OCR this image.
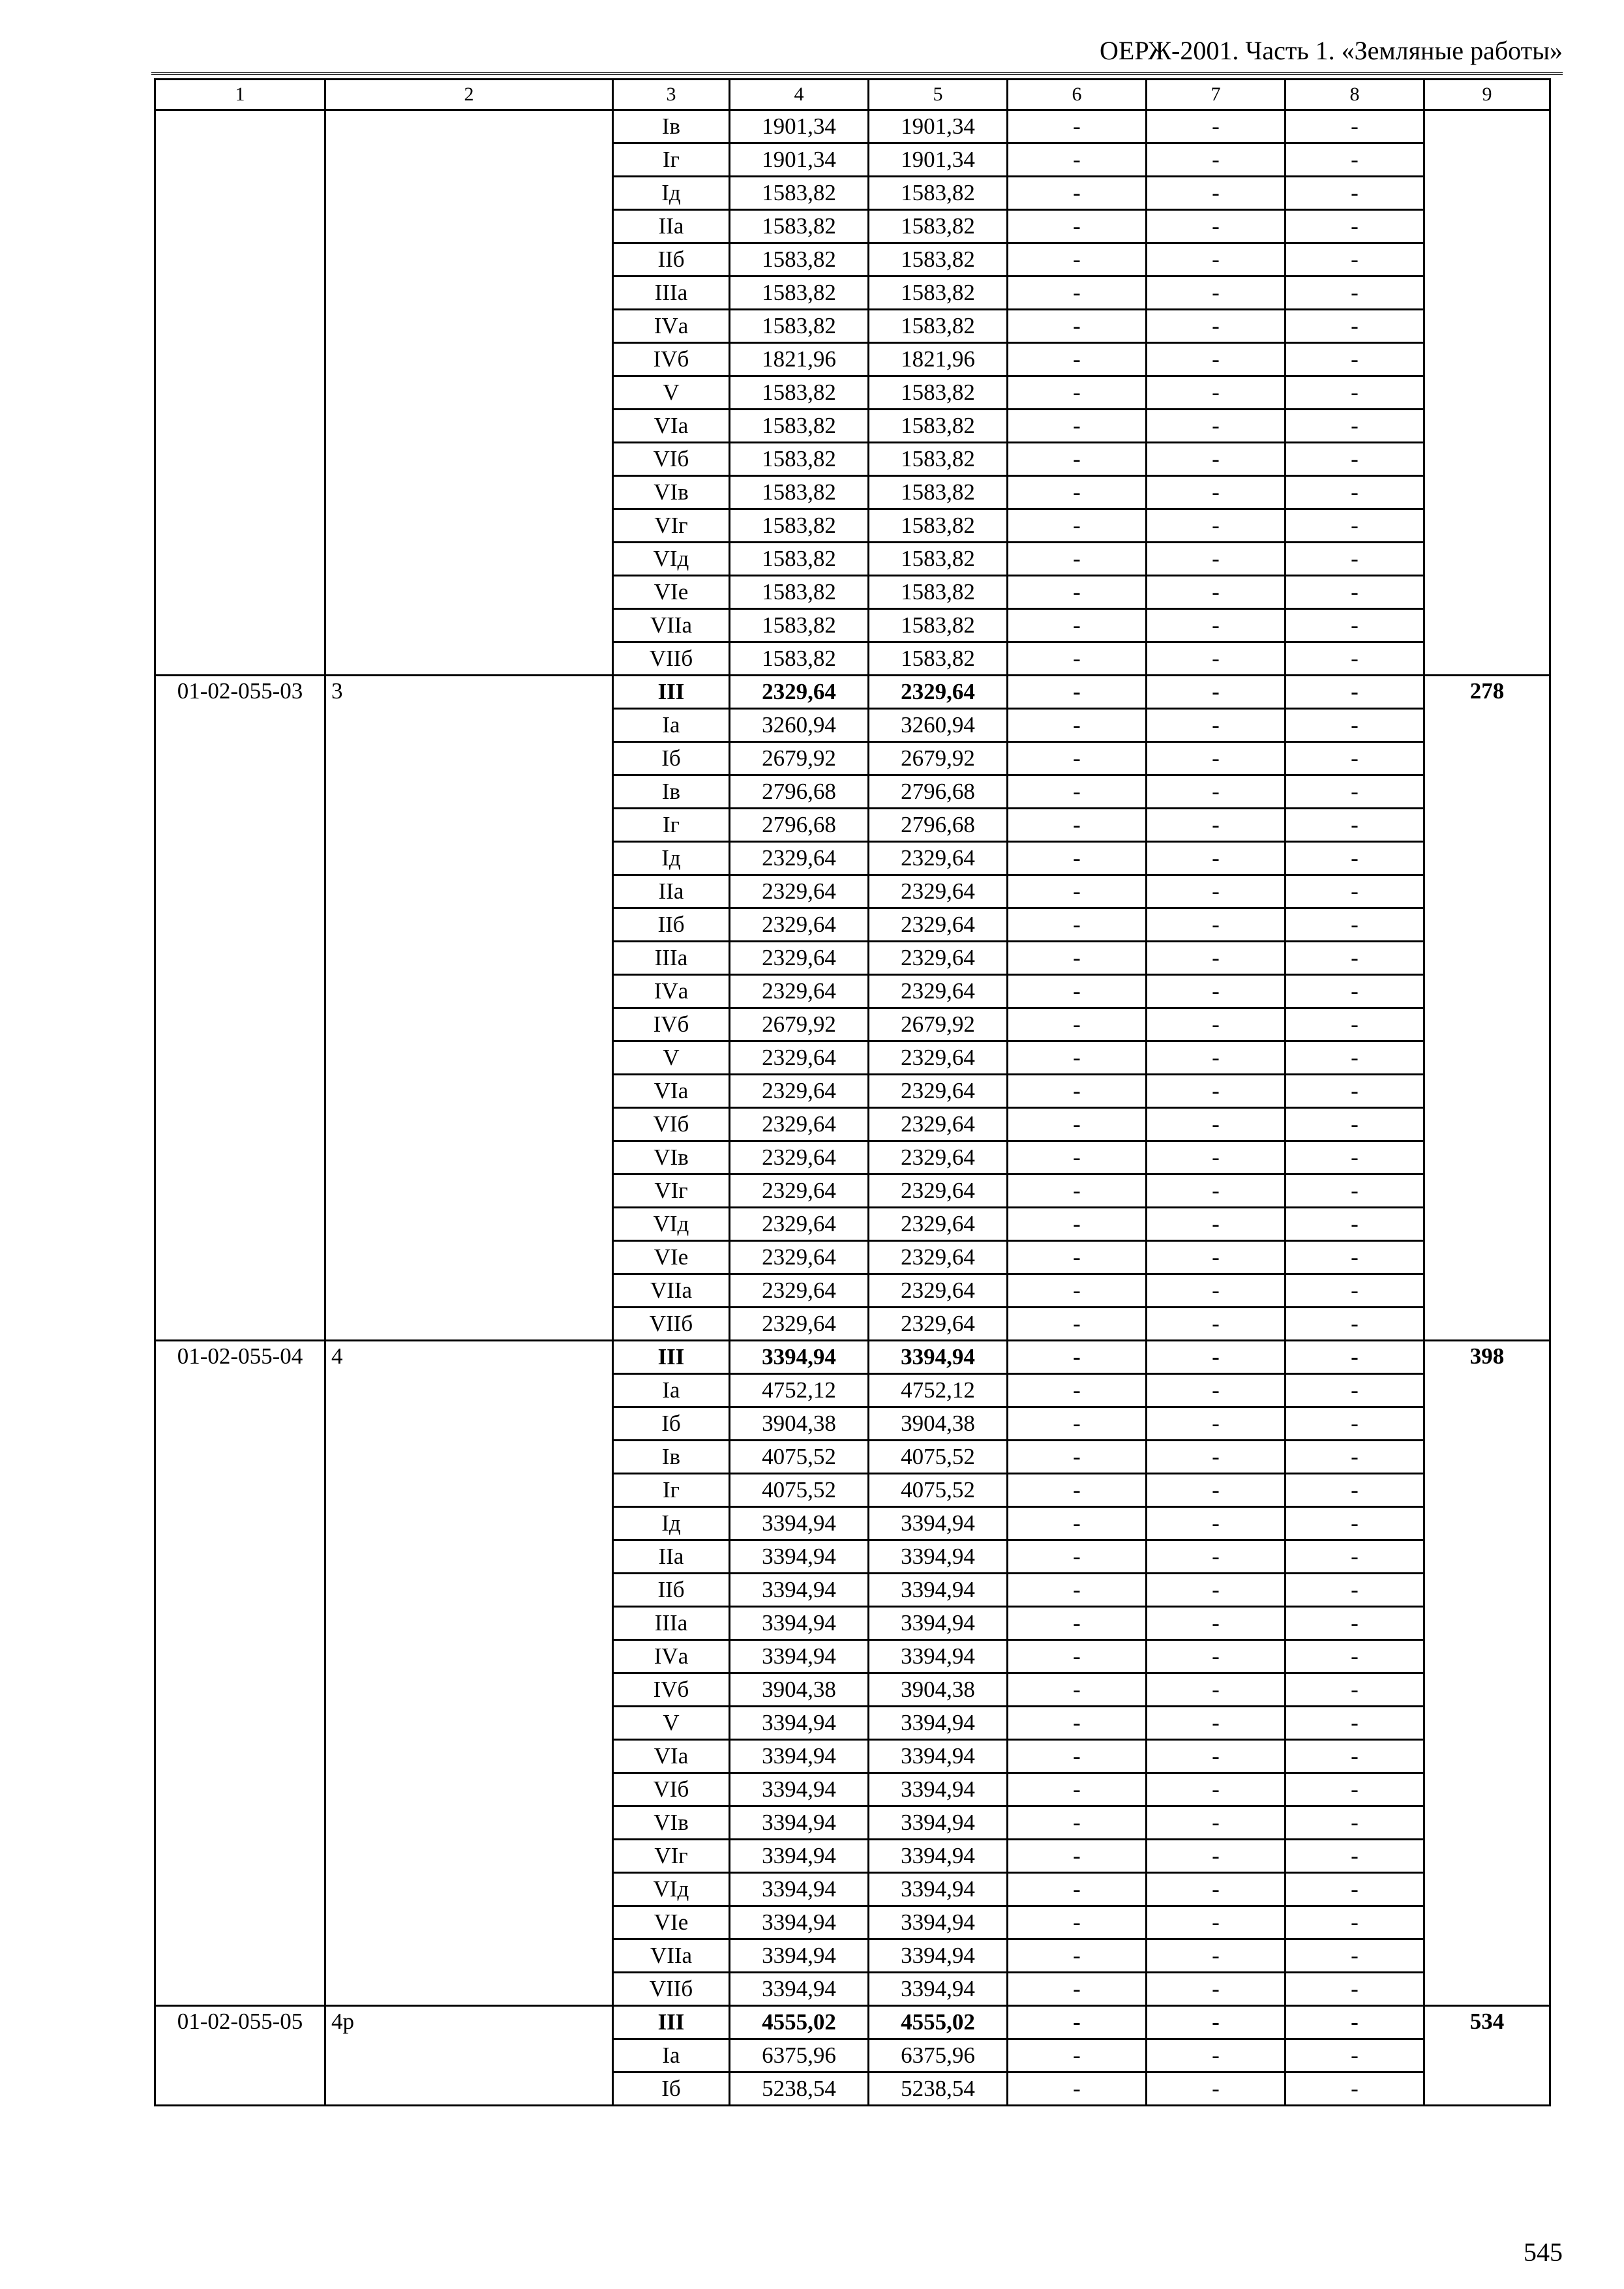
ОЕРЖ-2001. Часть 1. «Земляные работы»
1	2	3	4	5	6	7	8	9
		Iв	1901,34	1901,34	-	-	-	
		Iг	1901,34	1901,34	-	-	-	
		Iд	1583,82	1583,82	-	-	-	
		IIа	1583,82	1583,82	-	-	-	
		IIб	1583,82	1583,82	-	-	-	
		IIIа	1583,82	1583,82	-	-	-	
		IVа	1583,82	1583,82	-	-	-	
		IVб	1821,96	1821,96	-	-	-	
		V	1583,82	1583,82	-	-	-	
		VIа	1583,82	1583,82	-	-	-	
		VIб	1583,82	1583,82	-	-	-	
		VIв	1583,82	1583,82	-	-	-	
		VIг	1583,82	1583,82	-	-	-	
		VIд	1583,82	1583,82	-	-	-	
		VIе	1583,82	1583,82	-	-	-	
		VIIа	1583,82	1583,82	-	-	-	
		VIIб	1583,82	1583,82	-	-	-	
01-02-055-03	3	III	2329,64	2329,64	-	-	-	278
		Iа	3260,94	3260,94	-	-	-	
		Iб	2679,92	2679,92	-	-	-	
		Iв	2796,68	2796,68	-	-	-	
		Iг	2796,68	2796,68	-	-	-	
		Iд	2329,64	2329,64	-	-	-	
		IIа	2329,64	2329,64	-	-	-	
		IIб	2329,64	2329,64	-	-	-	
		IIIа	2329,64	2329,64	-	-	-	
		IVа	2329,64	2329,64	-	-	-	
		IVб	2679,92	2679,92	-	-	-	
		V	2329,64	2329,64	-	-	-	
		VIа	2329,64	2329,64	-	-	-	
		VIб	2329,64	2329,64	-	-	-	
		VIв	2329,64	2329,64	-	-	-	
		VIг	2329,64	2329,64	-	-	-	
		VIд	2329,64	2329,64	-	-	-	
		VIе	2329,64	2329,64	-	-	-	
		VIIа	2329,64	2329,64	-	-	-	
		VIIб	2329,64	2329,64	-	-	-	
01-02-055-04	4	III	3394,94	3394,94	-	-	-	398
		Iа	4752,12	4752,12	-	-	-	
		Iб	3904,38	3904,38	-	-	-	
		Iв	4075,52	4075,52	-	-	-	
		Iг	4075,52	4075,52	-	-	-	
		Iд	3394,94	3394,94	-	-	-	
		IIа	3394,94	3394,94	-	-	-	
		IIб	3394,94	3394,94	-	-	-	
		IIIа	3394,94	3394,94	-	-	-	
		IVа	3394,94	3394,94	-	-	-	
		IVб	3904,38	3904,38	-	-	-	
		V	3394,94	3394,94	-	-	-	
		VIа	3394,94	3394,94	-	-	-	
		VIб	3394,94	3394,94	-	-	-	
		VIв	3394,94	3394,94	-	-	-	
		VIг	3394,94	3394,94	-	-	-	
		VIд	3394,94	3394,94	-	-	-	
		VIе	3394,94	3394,94	-	-	-	
		VIIа	3394,94	3394,94	-	-	-	
		VIIб	3394,94	3394,94	-	-	-	
01-02-055-05	4р	III	4555,02	4555,02	-	-	-	534
		Iа	6375,96	6375,96	-	-	-	
		Iб	5238,54	5238,54	-	-	-	
545
